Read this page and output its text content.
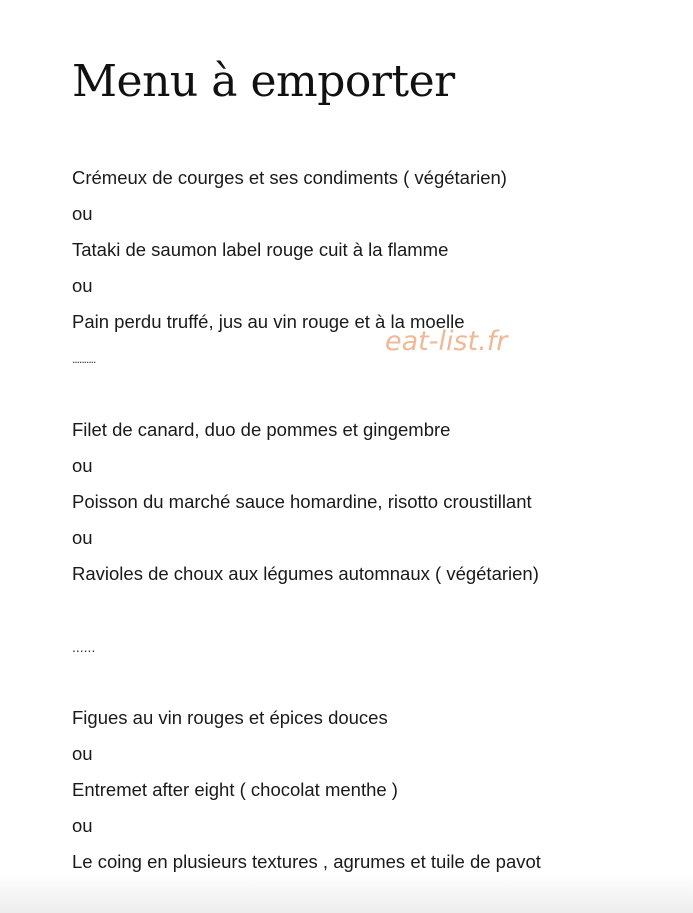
Menu à emporter
Crémeux de courges et ses condiments ( végétarien)
ou
Tataki de saumon label rouge cuit à la flamme
ou
Pain perdu truffé, jus au vin rouge et à la moelle
..........
Filet de canard, duo de pommes et gingembre
ou
Poisson du marché sauce homardine, risotto croustillant
ou
Ravioles de choux aux légumes automnaux ( végétarien)
......
Figues au vin rouges et épices douces
ou
Entremet after eight ( chocolat menthe )
ou
Le coing en plusieurs textures , agrumes et tuile de pavot
eat-list.fr
